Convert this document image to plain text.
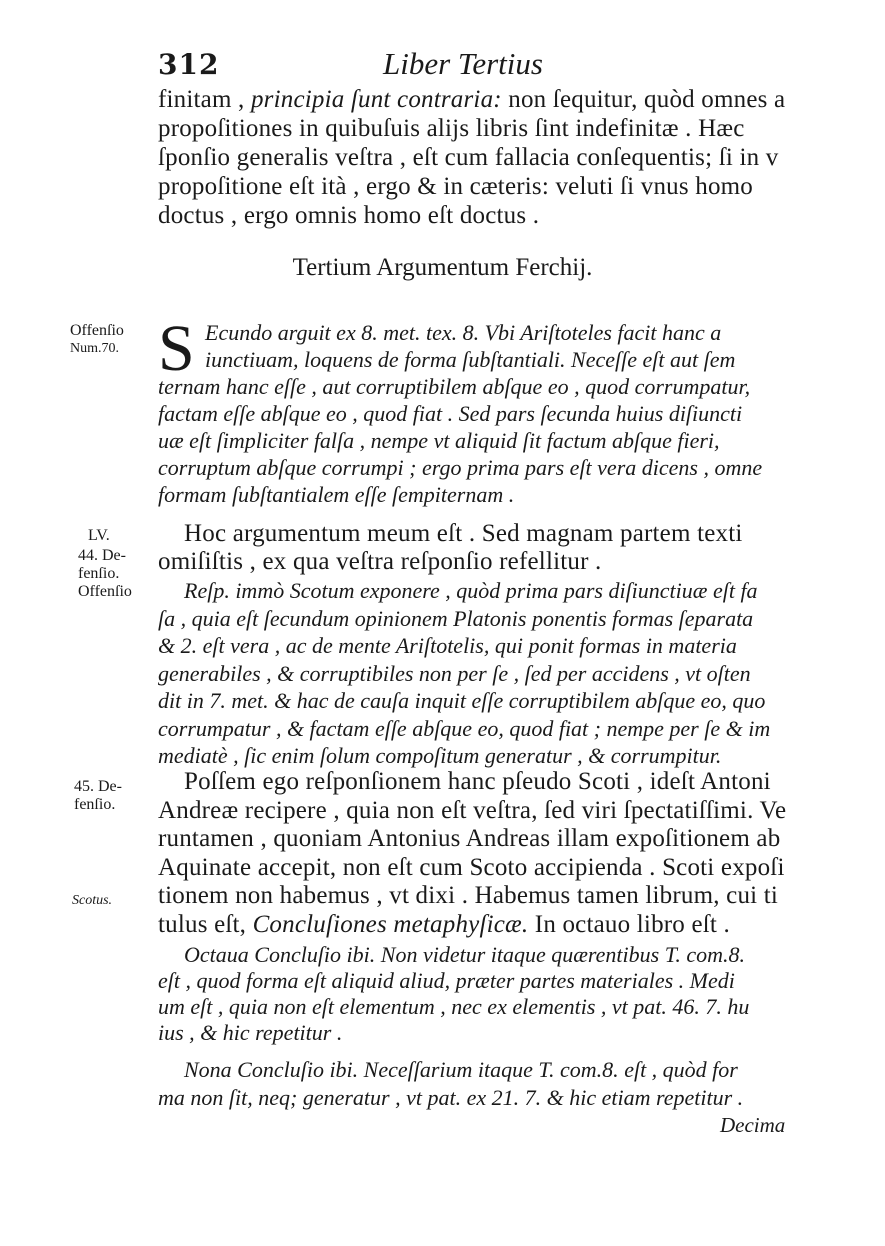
312	Liber Tertius
finitam , principia ſunt contraria: non ſequitur, quòd omnes a
propoſitiones in quibuſuis alijs libris ſint indefinitæ . Hæc
ſponſio generalis veſtra , eſt cum fallacia conſequentis; ſi in v
propoſitione eſt ità , ergo & in cæteris: veluti ſi vnus homo
doctus , ergo omnis homo eſt doctus .
Tertium Argumentum Ferchij.
S Ecundo arguit ex 8. met. tex. 8. Vbi Ariſtoteles facit hanc a
iunctiuam, loquens de forma ſubſtantiali. Neceſſe eſt aut ſem
ternam hanc eſſe , aut corruptibilem abſque eo , quod corrumpatur,
factam eſſe abſque eo , quod fiat . Sed pars ſecunda huius diſiuncti
uæ eſt ſimpliciter falſa , nempe vt aliquid ſit factum abſque fieri,
corruptum abſque corrumpi ; ergo prima pars eſt vera dicens , omne
formam ſubſtantialem eſſe ſempiternam .
Hoc argumentum meum eſt . Sed magnam partem texti
omiſiſtis , ex qua veſtra reſponſio refellitur .
Reſp. immò Scotum exponere , quòd prima pars diſiunctiuæ eſt fa
ſa , quia eſt ſecundum opinionem Platonis ponentis formas ſeparata
& 2. eſt vera , ac de mente Ariſtotelis, qui ponit formas in materia
generabiles , & corruptibiles non per ſe , ſed per accidens , vt oſten
dit in 7. met. & hac de cauſa inquit eſſe corruptibilem abſque eo, quo
corrumpatur , & factam eſſe abſque eo, quod fiat ; nempe per ſe & im
mediatè , ſic enim ſolum compoſitum generatur , & corrumpitur.
Poſſem ego reſponſionem hanc pſeudo Scoti , ideſt Antoni
Andreæ recipere , quia non eſt veſtra, ſed viri ſpectatiſſimi. Ve
runtamen , quoniam Antonius Andreas illam expoſitionem ab
Aquinate accepit, non eſt cum Scoto accipienda . Scoti expoſi
tionem non habemus , vt dixi . Habemus tamen librum, cui ti
tulus eſt, Concluſiones metaphyſicæ. In octauo libro eſt .
Octaua Concluſio ibi. Non videtur itaque quærentibus T. com.8.
eſt , quod forma eſt aliquid aliud, præter partes materiales . Medi
um eſt , quia non eſt elementum , nec ex elementis , vt pat. 46. 7. hu
ius , & hic repetitur .
Nona Concluſio ibi. Neceſſarium itaque T. com.8. eſt , quòd for
ma non ſit, neq; generatur , vt pat. ex 21. 7. & hic etiam repetitur .
Decima
Offenſio
Num.70.
LV.
44. De-
fenſio.
Offenſio
45. De-
fenſio.
Scotus.
